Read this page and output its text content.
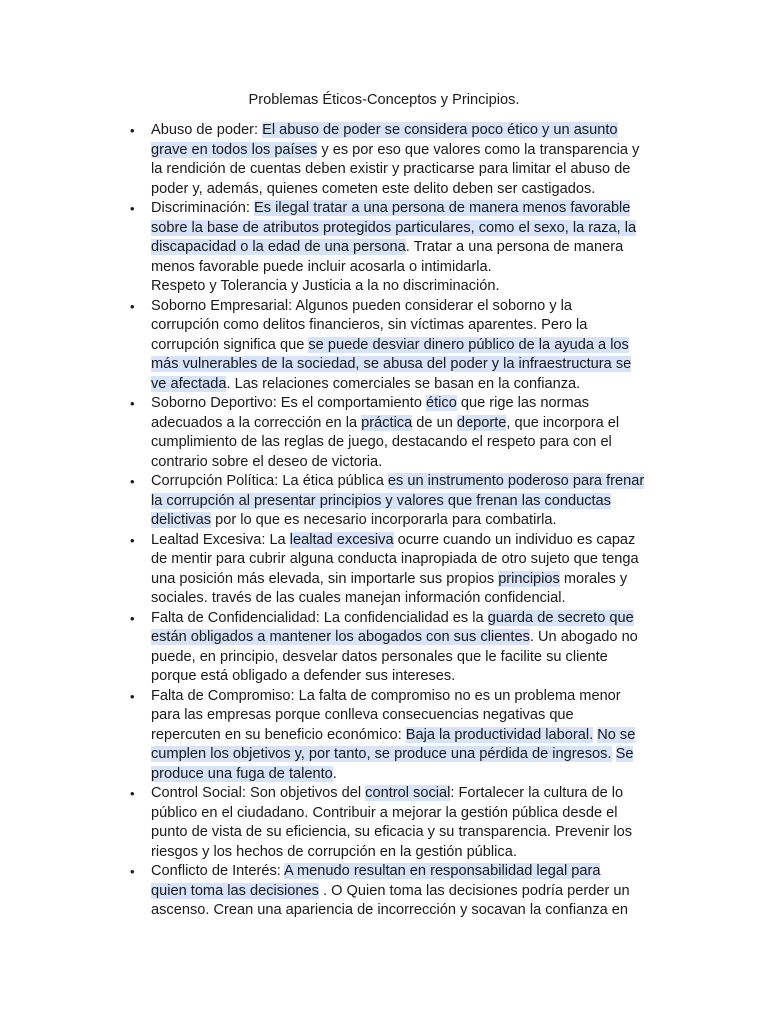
Problemas Éticos-Conceptos y Principios.
•	Abuso de poder: El abuso de poder se considera poco ético y un asunto
grave en todos los países y es por eso que valores como la transparencia y
la rendición de cuentas deben existir y practicarse para limitar el abuso de
poder y, además, quienes cometen este delito deben ser castigados.
•	Discriminación: Es ilegal tratar a una persona de manera menos favorable
sobre la base de atributos protegidos particulares, como el sexo, la raza, la
discapacidad o la edad de una persona. Tratar a una persona de manera
menos favorable puede incluir acosarla o intimidarla.
Respeto y Tolerancia y Justicia a la no discriminación.
•	Soborno Empresarial: Algunos pueden considerar el soborno y la
corrupción como delitos financieros, sin víctimas aparentes. Pero la
corrupción significa que se puede desviar dinero público de la ayuda a los
más vulnerables de la sociedad, se abusa del poder y la infraestructura se
ve afectada. Las relaciones comerciales se basan en la confianza.
•	Soborno Deportivo: Es el comportamiento ético que rige las normas
adecuados a la corrección en la práctica de un deporte, que incorpora el
cumplimiento de las reglas de juego, destacando el respeto para con el
contrario sobre el deseo de victoria.
•	Corrupción Política: La ética pública es un instrumento poderoso para frenar
la corrupción al presentar principios y valores que frenan las conductas
delictivas por lo que es necesario incorporarla para combatirla.
•	Lealtad Excesiva: La lealtad excesiva ocurre cuando un individuo es capaz
de mentir para cubrir alguna conducta inapropiada de otro sujeto que tenga
una posición más elevada, sin importarle sus propios principios morales y
sociales. través de las cuales manejan información confidencial.
•	Falta de Confidencialidad: La confidencialidad es la guarda de secreto que
están obligados a mantener los abogados con sus clientes. Un abogado no
puede, en principio, desvelar datos personales que le facilite su cliente
porque está obligado a defender sus intereses.
•	Falta de Compromiso: La falta de compromiso no es un problema menor
para las empresas porque conlleva consecuencias negativas que
repercuten en su beneficio económico: Baja la productividad laboral. No se
cumplen los objetivos y, por tanto, se produce una pérdida de ingresos. Se
produce una fuga de talento.
•	Control Social: Son objetivos del control social: Fortalecer la cultura de lo
público en el ciudadano. Contribuir a mejorar la gestión pública desde el
punto de vista de su eficiencia, su eficacia y su transparencia. Prevenir los
riesgos y los hechos de corrupción en la gestión pública.
•	Conflicto de Interés: A menudo resultan en responsabilidad legal para
quien toma las decisiones . O Quien toma las decisiones podría perder un
ascenso. Crean una apariencia de incorrección y socavan la confianza en
